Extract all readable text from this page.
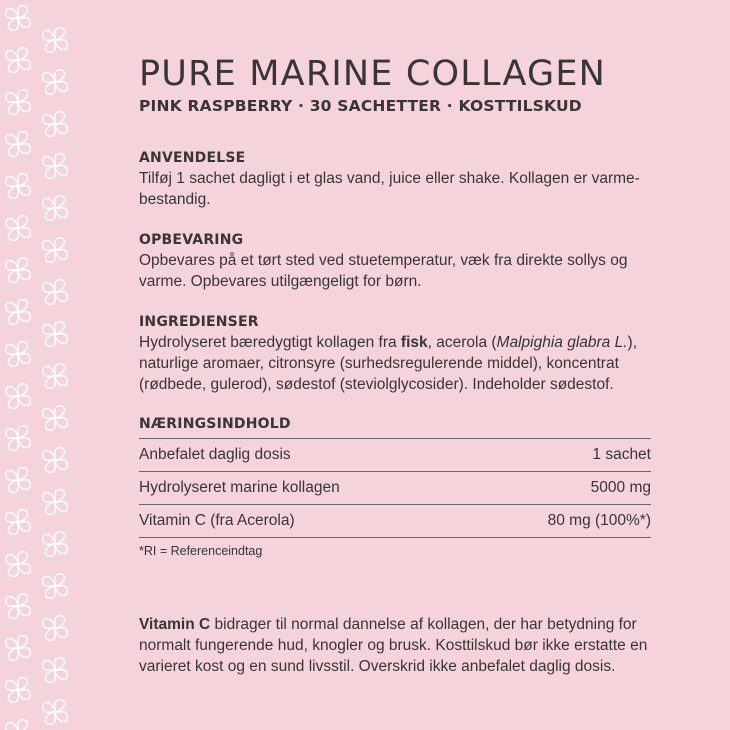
PURE MARINE COLLAGEN
PINK RASPBERRY · 30 SACHETTER · KOSTTILSKUD
ANVENDELSE
Tilføj 1 sachet dagligt i et glas vand, juice eller shake. Kollagen er varme-bestandig.
OPBEVARING
Opbevares på et tørt sted ved stuetemperatur, væk fra direkte sollys og varme. Opbevares utilgængeligt for børn.
INGREDIENSER
Hydrolyseret bæredygtigt kollagen fra fisk, acerola (Malpighia glabra L.), naturlige aromaer, citronsyre (surhedsregulerende middel), koncentrat (rødbede, gulerod), sødestof (steviolglycosider). Indeholder sødestof.
NÆRINGSINDHOLD
Anbefalet daglig dosis	1 sachet
Hydrolyseret marine kollagen	5000 mg
Vitamin C (fra Acerola)	80 mg (100%*)
*RI = Referenceindtag
Vitamin C bidrager til normal dannelse af kollagen, der har betydning for normalt fungerende hud, knogler og brusk. Kosttilskud bør ikke erstatte en varieret kost og en sund livsstil. Overskrid ikke anbefalet daglig dosis.
